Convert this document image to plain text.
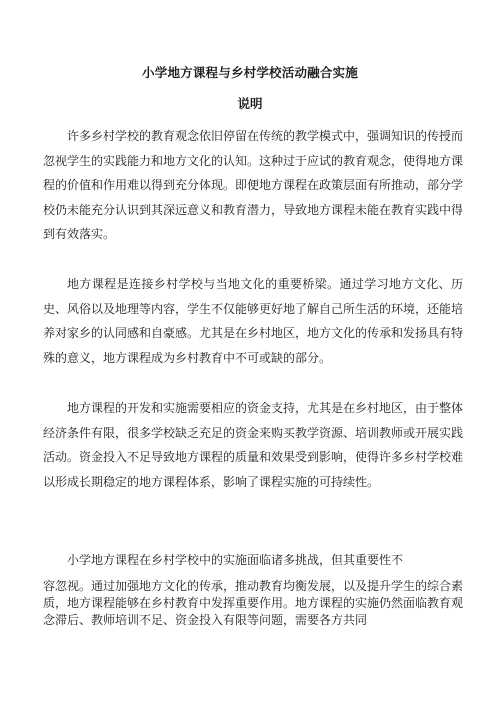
小学地方课程与乡村学校活动融合实施
说明

许多乡村学校的教育观念依旧停留在传统的教学模式中，强调知识的传授而忽视学生的实践能力和地方文化的认知。这种过于应试的教育观念，使得地方课程的价值和作用难以得到充分体现。即便地方课程在政策层面有所推动，部分学校仍未能充分认识到其深远意义和教育潜力，导致地方课程未能在教育实践中得到有效落实。

地方课程是连接乡村学校与当地文化的重要桥梁。通过学习地方文化、历史、风俗以及地理等内容，学生不仅能够更好地了解自己所生活的环境，还能培养对家乡的认同感和自豪感。尤其是在乡村地区，地方文化的传承和发扬具有特殊的意义，地方课程成为乡村教育中不可或缺的部分。

地方课程的开发和实施需要相应的资金支持，尤其是在乡村地区，由于整体经济条件有限，很多学校缺乏充足的资金来购买教学资源、培训教师或开展实践活动。资金投入不足导致地方课程的质量和效果受到影响，使得许多乡村学校难以形成长期稳定的地方课程体系，影响了课程实施的可持续性。

小学地方课程在乡村学校中的实施面临诸多挑战，但其重要性不

容忽视。通过加强地方文化的传承，推动教育均衡发展，以及提升学生的综合素质，地方课程能够在乡村教育中发挥重要作用。地方课程的实施仍然面临教育观念滞后、教师培训不足、资金投入有限等问题，需要各方共同
